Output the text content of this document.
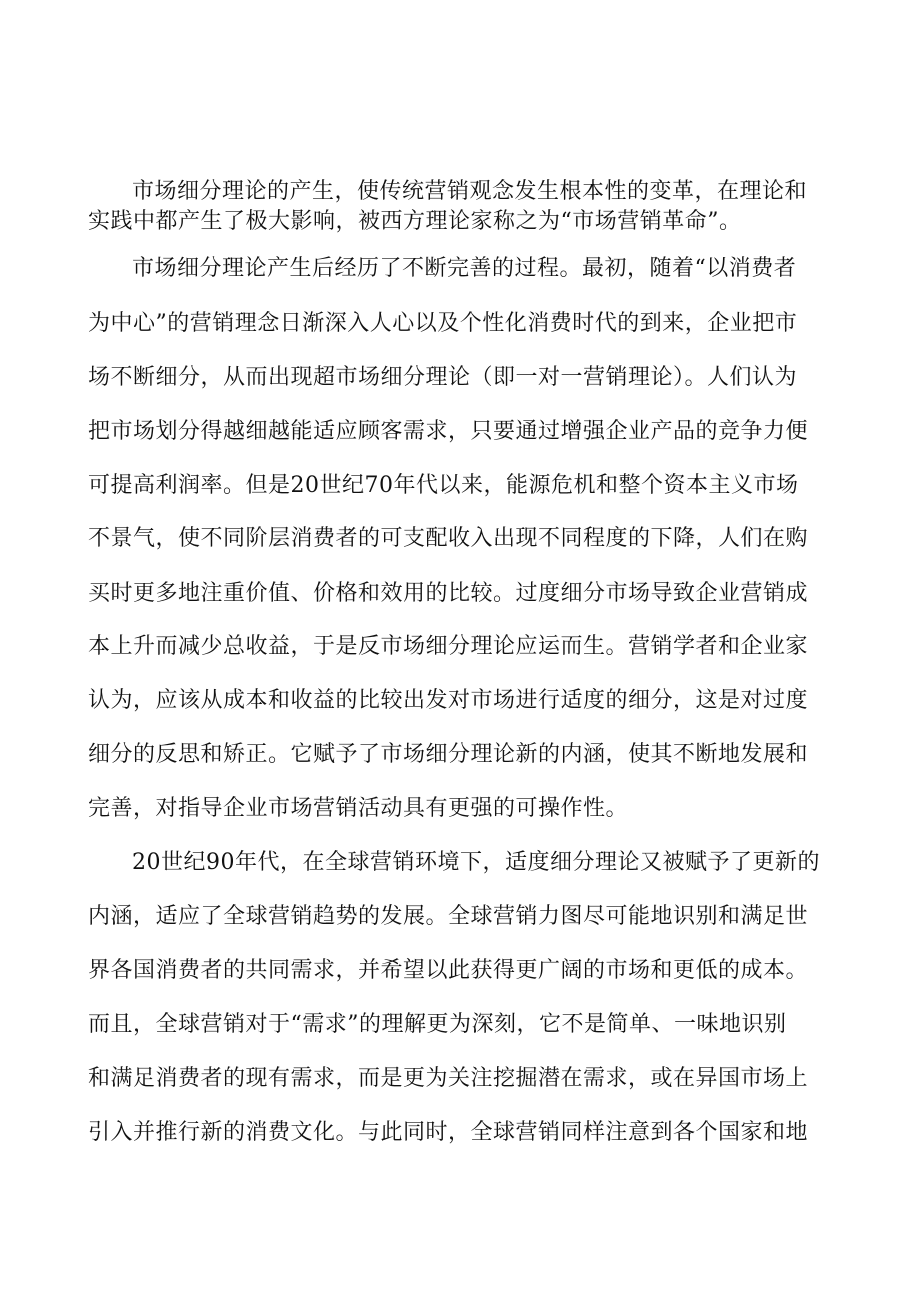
市场细分理论的产生，使传统营销观念发生根本性的变革，在理论和
实践中都产生了极大影响，被西方理论家称之为“市场营销革命”。
市场细分理论产生后经历了不断完善的过程。最初，随着“以消费者
为中心”的营销理念日渐深入人心以及个性化消费时代的到来，企业把市
场不断细分，从而出现超市场细分理论（即一对一营销理论）。人们认为
把市场划分得越细越能适应顾客需求，只要通过增强企业产品的竞争力便
可提高利润率。但是20世纪70年代以来，能源危机和整个资本主义市场
不景气，使不同阶层消费者的可支配收入出现不同程度的下降，人们在购
买时更多地注重价值、价格和效用的比较。过度细分市场导致企业营销成
本上升而减少总收益，于是反市场细分理论应运而生。营销学者和企业家
认为，应该从成本和收益的比较出发对市场进行适度的细分，这是对过度
细分的反思和矫正。它赋予了市场细分理论新的内涵，使其不断地发展和
完善，对指导企业市场营销活动具有更强的可操作性。
20世纪90年代，在全球营销环境下，适度细分理论又被赋予了更新的
内涵，适应了全球营销趋势的发展。全球营销力图尽可能地识别和满足世
界各国消费者的共同需求，并希望以此获得更广阔的市场和更低的成本。
而且，全球营销对于“需求”的理解更为深刻，它不是简单、一味地识别
和满足消费者的现有需求，而是更为关注挖掘潜在需求，或在异国市场上
引入并推行新的消费文化。与此同时，全球营销同样注意到各个国家和地
